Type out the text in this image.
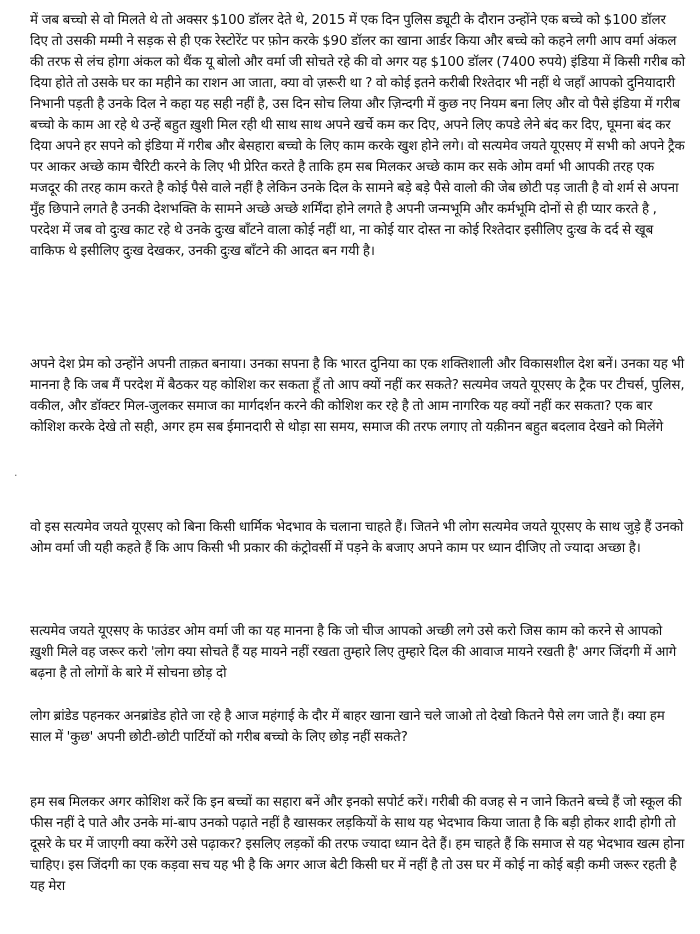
में जब बच्चो से वो मिलते थे तो अक्सर $100 डॉलर देते थे, 2015 में एक दिन पुलिस ड्यूटी के दौरान उन्होंने एक बच्चे को $100 डॉलर दिए तो उसकी मम्मी ने सड़क से ही एक रेस्टोरेंट पर फ़ोन करके $90 डॉलर का खाना आर्डर किया और बच्चे को कहने लगी आप वर्मा अंकल की तरफ से लंच होगा अंकल को थैंक यू बोलो और वर्मा जी सोचते रहे की वो अगर यह $100 डॉलर (7400 रुपये) इंडिया में किसी गरीब को दिया होते तो उसके घर का महीने का राशन आ जाता, क्या वो ज़रूरी था ? वो कोई इतने करीबी रिश्तेदार भी नहीं थे जहाँ आपको दुनियादारी निभानी पड़ती है उनके दिल ने कहा यह सही नहीं है, उस दिन सोच लिया और ज़िन्दगी में कुछ नए नियम बना लिए और वो पैसे इंडिया में गरीब बच्चो के काम आ रहे थे उन्हें बहुत ख़ुशी मिल रही थी साथ साथ अपने खर्चे कम कर दिए, अपने लिए कपडे लेने बंद कर दिए, घूमना बंद कर दिया अपने हर सपने को इंडिया में गरीब और बेसहारा बच्चो के लिए काम करके खुश होने लगे। वो सत्यमेव जयते यूएसए में सभी को अपने ट्रैक पर आकर अच्छे काम चैरिटी करने के लिए भी प्रेरित करते है ताकि हम सब मिलकर अच्छे काम कर सके ओम वर्मा भी आपकी तरह एक मजदूर की तरह काम करते है कोई पैसे वाले नहीं है लेकिन उनके दिल के सामने बड़े बड़े पैसे वालो की जेब छोटी पड़ जाती है वो शर्म से अपना मुँह छिपाने लगते है उनकी देशभक्ति के सामने अच्छे अच्छे शर्मिंदा होने लगते है अपनी जन्मभूमि और कर्मभूमि दोनों से ही प्यार करते है , परदेश में जब वो दुःख काट रहे थे उनके दुःख बाँटने वाला कोई नहीं था, ना कोई यार दोस्त ना कोई रिश्तेदार इसीलिए दुःख के दर्द से खूब वाकिफ थे इसीलिए दुःख देखकर, उनकी दुःख बाँटने की आदत बन गयी है।

अपने देश प्रेम को उन्होंने अपनी ताक़त बनाया। उनका सपना है कि भारत दुनिया का एक शक्तिशाली और विकासशील देश बनें। उनका यह भी मानना है कि जब मैं परदेश में बैठकर यह कोशिश कर सकता हूँ तो आप क्यों नहीं कर सकते? सत्यमेव जयते यूएसए के ट्रैक पर टीचर्स, पुलिस, वकील, और डॉक्टर मिल-जुलकर समाज का मार्गदर्शन करने की कोशिश कर रहे है तो आम नागरिक यह क्यों नहीं कर सकता? एक बार कोशिश करके देखे तो सही, अगर हम सब ईमानदारी से थोड़ा सा समय, समाज की तरफ लगाए तो यक़ीनन बहुत बदलाव देखने को मिलेंगे

·

वो इस सत्यमेव जयते यूएसए को बिना किसी धार्मिक भेदभाव के चलाना चाहते हैं। जितने भी लोग सत्यमेव जयते यूएसए के साथ जुड़े हैं उनको ओम वर्मा जी यही कहते हैं कि आप किसी भी प्रकार की कंट्रोवर्सी में पड़ने के बजाए अपने काम पर ध्यान दीजिए तो ज्यादा अच्छा है।

सत्यमेव जयते यूएसए के फाउंडर ओम वर्मा जी का यह मानना है कि जो चीज आपको अच्छी लगे उसे करो जिस काम को करने से आपको ख़ुशी मिले वह जरूर करो 'लोग क्या सोचते हैं यह मायने नहीं रखता तुम्हारे लिए तुम्हारे दिल की आवाज मायने रखती है' अगर जिंदगी में आगे बढ़ना है तो लोगों के बारे में सोचना छोड़ दो

लोग ब्रांडेड पहनकर अनब्रांडेड होते जा रहे है आज महंगाई के दौर में बाहर खाना खाने चले जाओ तो देखो कितने पैसे लग जाते हैं। क्या हम साल में 'कुछ' अपनी छोटी-छोटी पार्टियों को गरीब बच्चो के लिए छोड़ नहीं सकते?

हम सब मिलकर अगर कोशिश करें कि इन बच्चों का सहारा बनें और इनको सपोर्ट करें। गरीबी की वजह से न जाने कितने बच्चे हैं जो स्कूल की फीस नहीं दे पाते और उनके मां-बाप उनको पढ़ाते नहीं है खासकर लड़कियों के साथ यह भेदभाव किया जाता है कि बड़ी होकर शादी होगी तो दूसरे के घर में जाएगी क्या करेंगे उसे पढ़ाकर? इसलिए लड़कों की तरफ ज्यादा ध्यान देते हैं। हम चाहते हैं कि समाज से यह भेदभाव खत्म होना चाहिए। इस जिंदगी का एक कड़वा सच यह भी है कि अगर आज बेटी किसी घर में नहीं है तो उस घर में कोई ना कोई बड़ी कमी जरूर रहती है यह मेरा
